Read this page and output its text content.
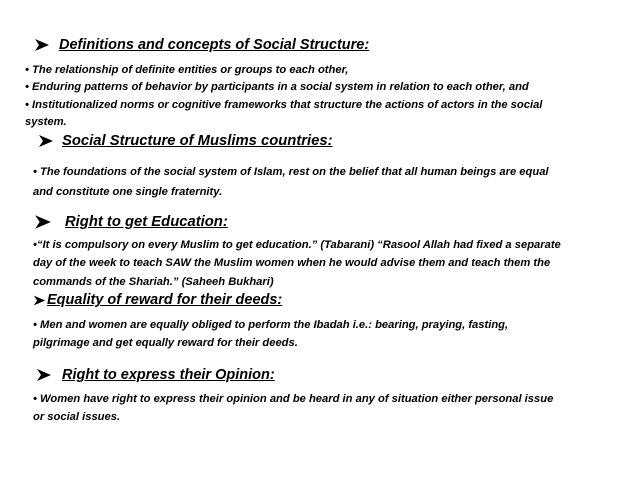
Definitions and concepts of Social Structure:
• The relationship of definite entities or groups to each other,
• Enduring patterns of behavior by participants in a social system in relation to each other, and
• Institutionalized norms or cognitive frameworks that structure the actions of actors in the social
system.
Social Structure of Muslims countries:
• The foundations of the social system of Islam, rest on the belief that all human beings are equal
and constitute one single fraternity.
Right to get Education:
•“It is compulsory on every Muslim to get education.” (Tabarani) “Rasool Allah had fixed a separate
day of the week to teach SAW the Muslim women when he would advise them and teach them the
commands of the Shariah.” (Saheeh Bukhari)
Equality of reward for their deeds:
• Men and women are equally obliged to perform the Ibadah i.e.: bearing, praying, fasting,
pilgrimage and get equally reward for their deeds.
Right to express their Opinion:
• Women have right to express their opinion and be heard in any of situation either personal issue
or social issues.
